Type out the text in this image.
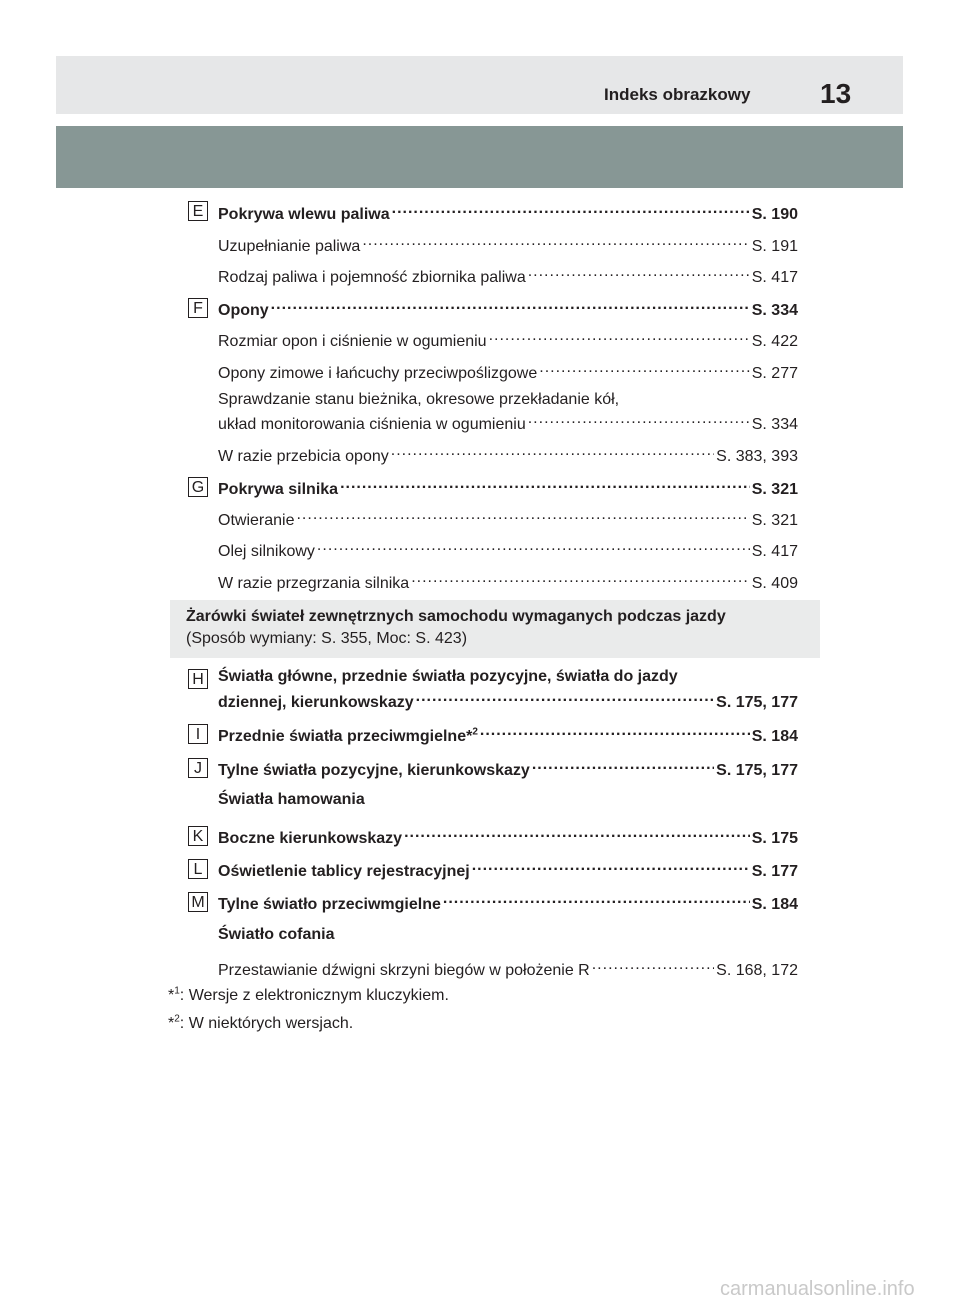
Indeks obrazkowy 13
E Pokrywa wlewu paliwa .....	S. 190
Uzupełnianie paliwa .....	S. 191
Rodzaj paliwa i pojemność zbiornika paliwa .....	S. 417
F Opony .....	S. 334
Rozmiar opon i ciśnienie w ogumieniu .....	S. 422
Opony zimowe i łańcuchy przeciwpoślizgowe .....	S. 277
Sprawdzanie stanu bieżnika, okresowe przekładanie kół,
układ monitorowania ciśnienia w ogumieniu .....	S. 334
W razie przebicia opony .....	S. 383, 393
G Pokrywa silnika .....	S. 321
Otwieranie .....	S. 321
Olej silnikowy .....	S. 417
W razie przegrzania silnika .....	S. 409
Żarówki świateł zewnętrznych samochodu wymaganych podczas jazdy
(Sposób wymiany: S. 355, Moc: S. 423)
H Światła główne, przednie światła pozycyjne, światła do jazdy
dziennej, kierunkowskazy .....	S. 175, 177
I	Przednie światła przeciwmgielne*$^2$ .....	S. 184
J	Tylne światła pozycyjne, kierunkowskazy .....	S. 175, 177
Światła hamowania
K Boczne kierunkowskazy .....	S. 175
L Oświetlenie tablicy rejestracyjnej .....	S. 177
M Tylne światło przeciwmgielne .....	S. 184
Światło cofania
Przestawianie dźwigni skrzyni biegów w położenie R .....	S. 168, 172
*$^1$: Wersje z elektronicznym kluczykiem.
*$^2$: W niektórych wersjach.
carmanualsonline.info
